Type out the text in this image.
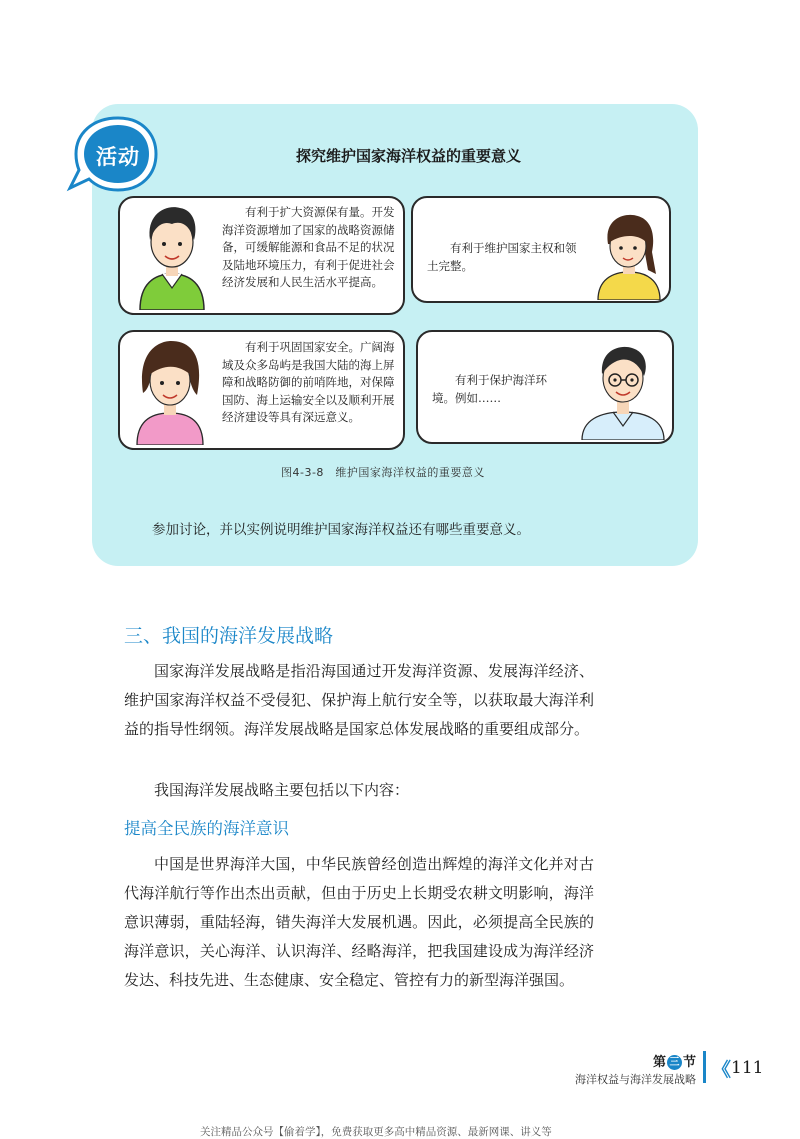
活动	探究维护国家海洋权益的重要意义
有利于扩大资源保有量。开发海洋资源增加了国家的战略资源储备，可缓解能源和食品不足的状况及陆地环境压力，有利于促进社会经济发展和人民生活水平提高。
有利于维护国家主权和领土完整。
有利于巩固国家安全。广阔海域及众多岛屿是我国大陆的海上屏障和战略防御的前哨阵地，对保障国防、海上运输安全以及顺利开展经济建设等具有深远意义。
有利于保护海洋环境。例如……
图4-3-8　维护国家海洋权益的重要意义
参加讨论，并以实例说明维护国家海洋权益还有哪些重要意义。
三、我国的海洋发展战略
国家海洋发展战略是指沿海国通过开发海洋资源、发展海洋经济、维护国家海洋权益不受侵犯、保护海上航行安全等，以获取最大海洋利益的指导性纲领。海洋发展战略是国家总体发展战略的重要组成部分。
我国海洋发展战略主要包括以下内容：
提高全民族的海洋意识
中国是世界海洋大国，中华民族曾经创造出辉煌的海洋文化并对古代海洋航行等作出杰出贡献，但由于历史上长期受农耕文明影响，海洋意识薄弱，重陆轻海，错失海洋大发展机遇。因此，必须提高全民族的海洋意识，关心海洋、认识海洋、经略海洋，把我国建设成为海洋经济发达、科技先进、生态健康、安全稳定、管控有力的新型海洋强国。
第 三 节
海洋权益与海洋发展战略 《 111
关注精品公众号【偷着学】，免费获取更多高中精品资源、最新网课、讲义等
